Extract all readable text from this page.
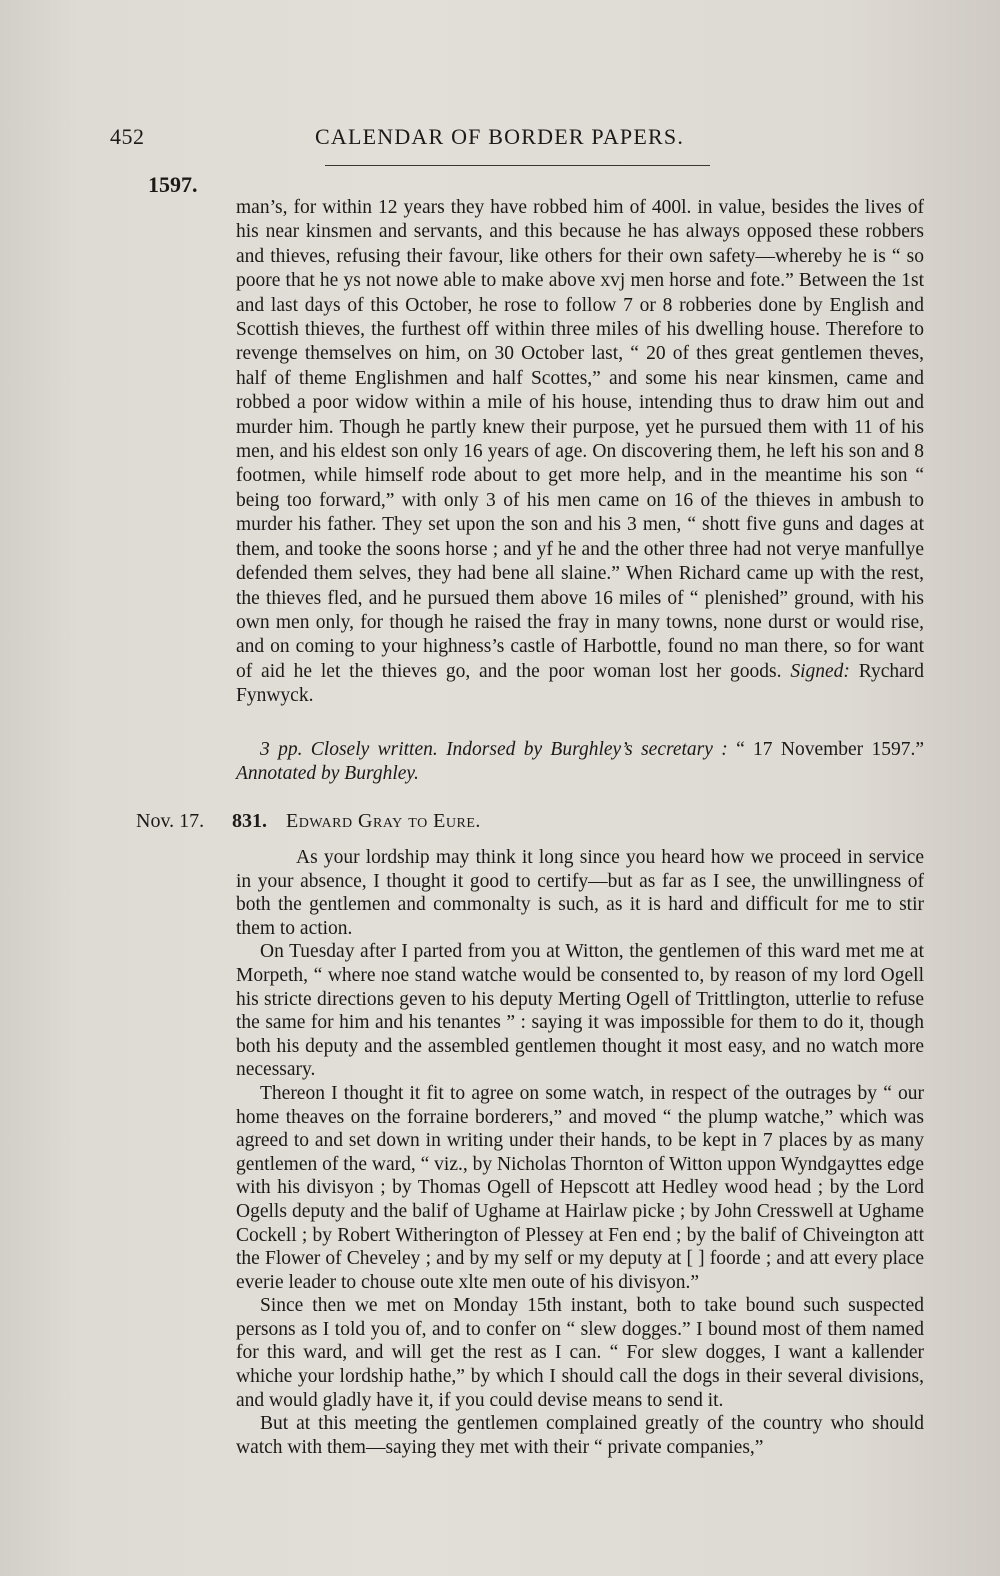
452	CALENDAR OF BORDER PAPERS.
1597.
man’s, for within 12 years they have robbed him of 400l. in value, besides the lives of his near kinsmen and servants, and this because he has always opposed these robbers and thieves, refusing their favour, like others for their own safety—whereby he is “ so poore that he ys not nowe able to make above xvj men horse and fote.” Between the 1st and last days of this October, he rose to follow 7 or 8 robberies done by English and Scottish thieves, the furthest off within three miles of his dwelling house. Therefore to revenge themselves on him, on 30 October last, “ 20 of thes great gentlemen theves, half of theme Englishmen and half Scottes,” and some his near kinsmen, came and robbed a poor widow within a mile of his house, intending thus to draw him out and murder him. Though he partly knew their purpose, yet he pursued them with 11 of his men, and his eldest son only 16 years of age. On discovering them, he left his son and 8 footmen, while himself rode about to get more help, and in the meantime his son “ being too forward,” with only 3 of his men came on 16 of the thieves in ambush to murder his father. They set upon the son and his 3 men, “ shott five guns and dages at them, and tooke the soons horse ; and yf he and the other three had not verye manfullye defended them selves, they had bene all slaine.” When Richard came up with the rest, the thieves fled, and he pursued them above 16 miles of “ plenished” ground, with his own men only, for though he raised the fray in many towns, none durst or would rise, and on coming to your highness’s castle of Harbottle, found no man there, so for want of aid he let the thieves go, and the poor woman lost her goods. Signed: Rychard Fynwyck.
3 pp. Closely written. Indorsed by Burghley’s secretary : “ 17 November 1597.” Annotated by Burghley.
Nov. 17. 831. Edward Gray to Eure.

As your lordship may think it long since you heard how we proceed in service in your absence, I thought it good to certify—but as far as I see, the unwillingness of both the gentlemen and commonalty is such, as it is hard and difficult for me to stir them to action.

On Tuesday after I parted from you at Witton, the gentlemen of this ward met me at Morpeth, “ where noe stand watche would be consented to, by reason of my lord Ogell his stricte directions geven to his deputy Merting Ogell of Trittlington, utterlie to refuse the same for him and his tenantes ” : saying it was impossible for them to do it, though both his deputy and the assembled gentlemen thought it most easy, and no watch more necessary.

Thereon I thought it fit to agree on some watch, in respect of the outrages by “ our home theaves on the forraine borderers,” and moved “ the plump watche,” which was agreed to and set down in writing under their hands, to be kept in 7 places by as many gentlemen of the ward, “ viz., by Nicholas Thornton of Witton uppon Wyndgayttes edge with his divisyon ; by Thomas Ogell of Hepscott att Hedley wood head ; by the Lord Ogells deputy and the balif of Ughame at Hairlaw picke ; by John Cresswell at Ughame Cockell ; by Robert Witherington of Plessey at Fen end ; by the balif of Chiveington att the Flower of Cheveley ; and by my self or my deputy at [ ] foorde ; and att every place everie leader to chouse oute xlte men oute of his divisyon.”

Since then we met on Monday 15th instant, both to take bound such suspected persons as I told you of, and to confer on “ slew dogges.” I bound most of them named for this ward, and will get the rest as I can. “ For slew dogges, I want a kallender whiche your lordship hathe,” by which I should call the dogs in their several divisions, and would gladly have it, if you could devise means to send it.

But at this meeting the gentlemen complained greatly of the country who should watch with them—saying they met with their “ private companies,”
